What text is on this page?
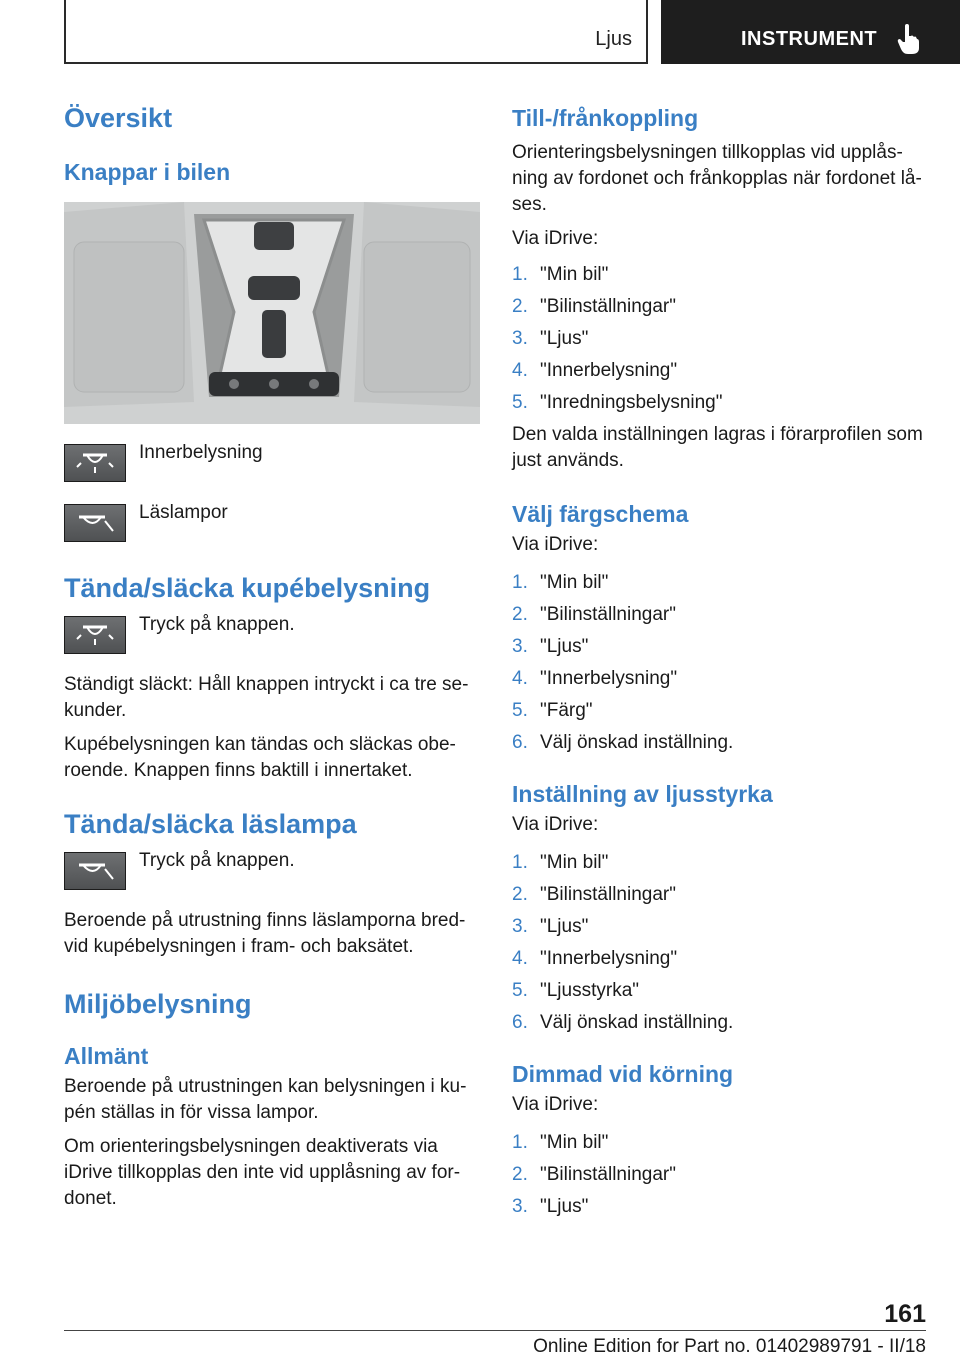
Ljus	INSTRUMENT
Översikt
Knappar i bilen
Innerbelysning
Läslampor
Tända/släcka kupébelysning
Tryck på knappen.

Ständigt släckt: Håll knappen intryckt i ca tre se‐

kunder.

Kupébelysningen kan tändas och släckas obe‐

roende. Knappen finns baktill i innertaket.

Tända/släcka läslampa
Tryck på knappen.

Beroende på utrustning finns läslamporna bred‐

vid kupébelysningen i fram- och baksätet.

Miljöbelysning
Allmänt

Beroende på utrustningen kan belysningen i ku‐

pén ställas in för vissa lampor.

Om orienteringsbelysningen deaktiverats via

iDrive tillkopplas den inte vid upplåsning av for‐

donet.

Till-/frånkoppling

Orienteringsbelysningen tillkopplas vid upplås‐

ning av fordonet och frånkopplas när fordonet lå‐

ses.

Via iDrive:

1. "Min bil"
2. "Bilinställningar"
3. "Ljus"
4. "Innerbelysning"
5. "Inredningsbelysning"

Den valda inställningen lagras i förarprofilen som

just används.

Välj färgschema

Via iDrive:

1. "Min bil"
2. "Bilinställningar"
3. "Ljus"
4. "Innerbelysning"
5. "Färg"
6. Välj önskad inställning.
Inställning av ljusstyrka

Via iDrive:

1. "Min bil"
2. "Bilinställningar"
3. "Ljus"
4. "Innerbelysning"
5. "Ljusstyrka"
6. Välj önskad inställning.
Dimmad vid körning

Via iDrive:

1. "Min bil"
2. "Bilinställningar"
3. "Ljus"
161
Online Edition for Part no. 01402989791 - II/18
